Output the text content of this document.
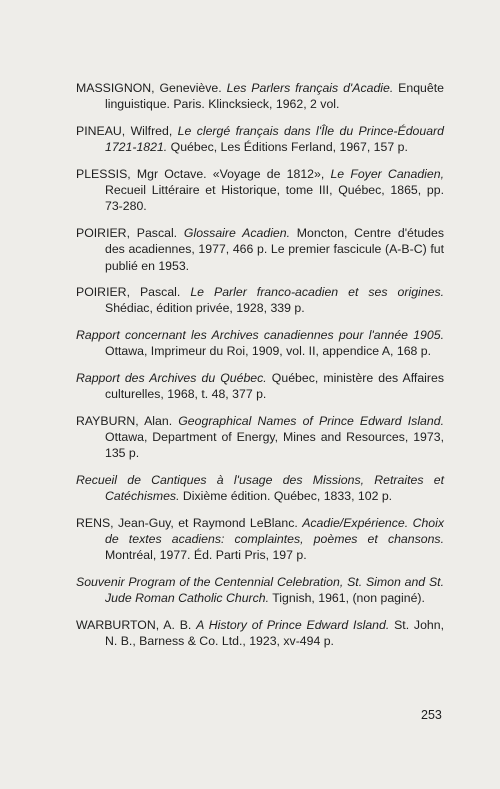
MASSIGNON, Geneviève. Les Parlers français d'Acadie. Enquête linguistique. Paris. Klincksieck, 1962, 2 vol.

PINEAU, Wilfred, Le clergé français dans l'Île du Prince-Édouard 1721-1821. Québec, Les Éditions Ferland, 1967, 157 p.

PLESSIS, Mgr Octave. «Voyage de 1812», Le Foyer Canadien, Recueil Littéraire et Historique, tome III, Québec, 1865, pp. 73-280.

POIRIER, Pascal. Glossaire Acadien. Moncton, Centre d'études des acadiennes, 1977, 466 p. Le premier fascicule (A-B-C) fut publié en 1953.

POIRIER, Pascal. Le Parler franco-acadien et ses origines. Shédiac, édition privée, 1928, 339 p.

Rapport concernant les Archives canadiennes pour l'année 1905. Ottawa, Imprimeur du Roi, 1909, vol. II, appendice A, 168 p.

Rapport des Archives du Québec. Québec, ministère des Affaires culturelles, 1968, t. 48, 377 p.

RAYBURN, Alan. Geographical Names of Prince Edward Island. Ottawa, Department of Energy, Mines and Resources, 1973, 135 p.

Recueil de Cantiques à l'usage des Missions, Retraites et Catéchismes. Dixième édition. Québec, 1833, 102 p.

RENS, Jean-Guy, et Raymond LeBlanc. Acadie/Expérience. Choix de textes acadiens: complaintes, poèmes et chansons. Montréal, 1977. Éd. Parti Pris, 197 p.

Souvenir Program of the Centennial Celebration, St. Simon and St. Jude Roman Catholic Church. Tignish, 1961, (non paginé).

WARBURTON, A. B. A History of Prince Edward Island. St. John, N. B., Barness & Co. Ltd., 1923, xv-494 p.

253
